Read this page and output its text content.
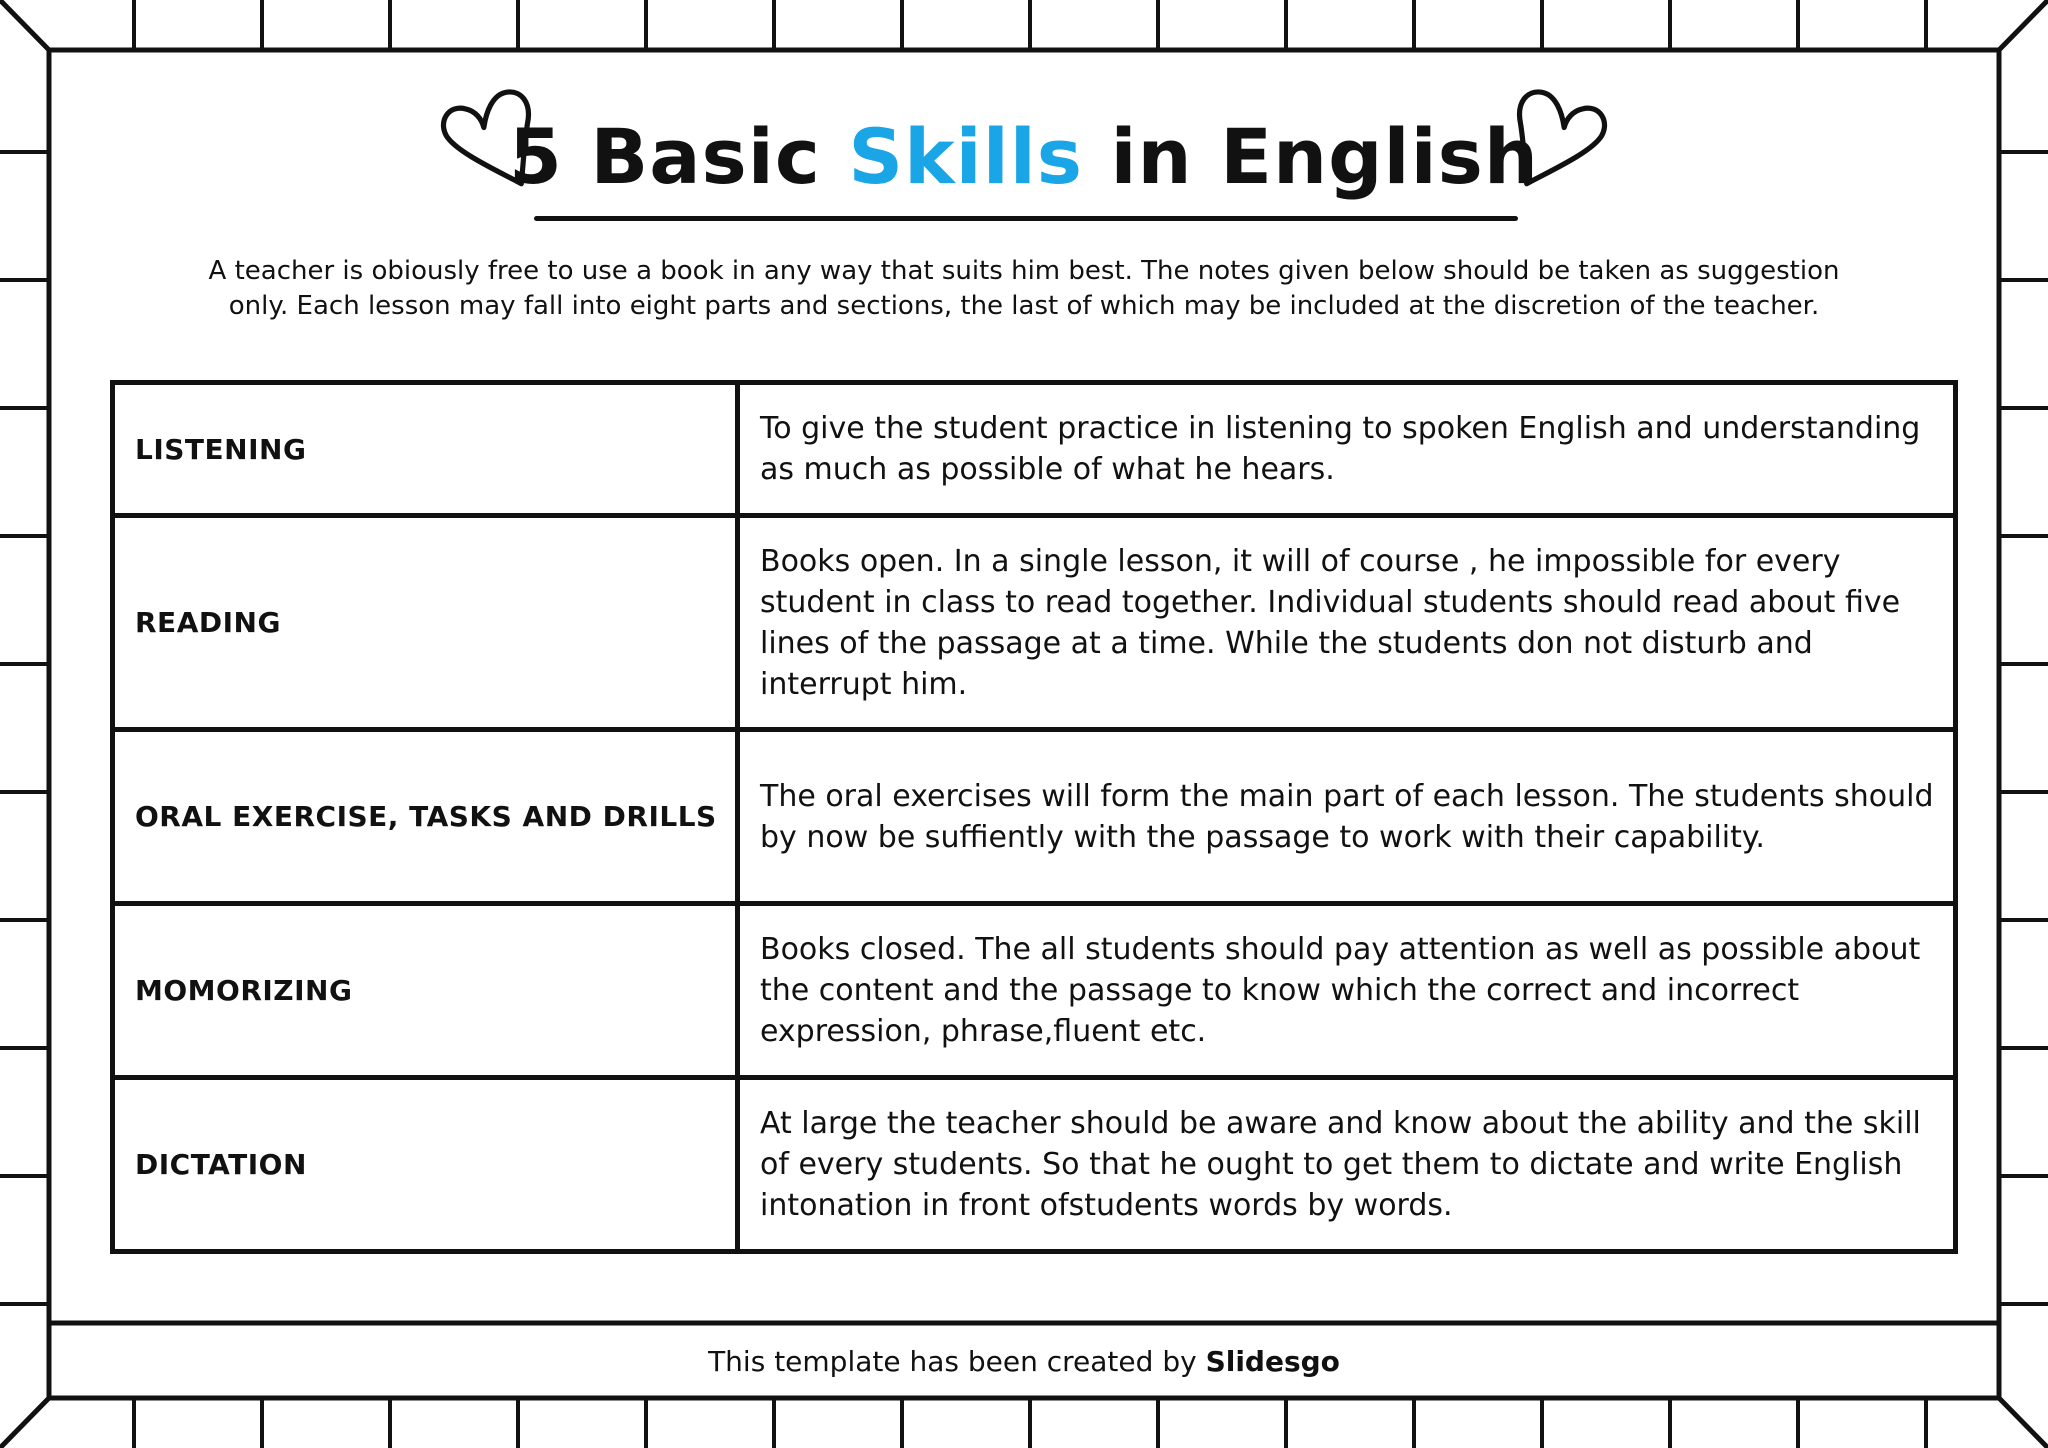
5 Basic Skills in English
A teacher is obiously free to use a book in any way that suits him best. The notes given below should be taken as suggestion only. Each lesson may fall into eight parts and sections, the last of which may be included at the discretion of the teacher.
LISTENING	To give the student practice in listening to spoken English and understanding as much as possible of what he hears.
READING	Books open. In a single lesson, it will of course , he impossible for every student in class to read together. Individual students should read about five lines of the passage at a time. While the students don not disturb and interrupt him.
ORAL EXERCISE, TASKS AND DRILLS	The oral exercises will form the main part of each lesson. The students should by now be suffiently with the passage to work with their capability.
MOMORIZING	Books closed. The all students should pay attention as well as possible about the content and the passage to know which the correct and incorrect expression, phrase,fluent etc.
DICTATION	At large the teacher should be aware and know about the ability and the skill of every students. So that he ought to get them to dictate and write English intonation in front ofstudents words by words.
This template has been created by Slidesgo
